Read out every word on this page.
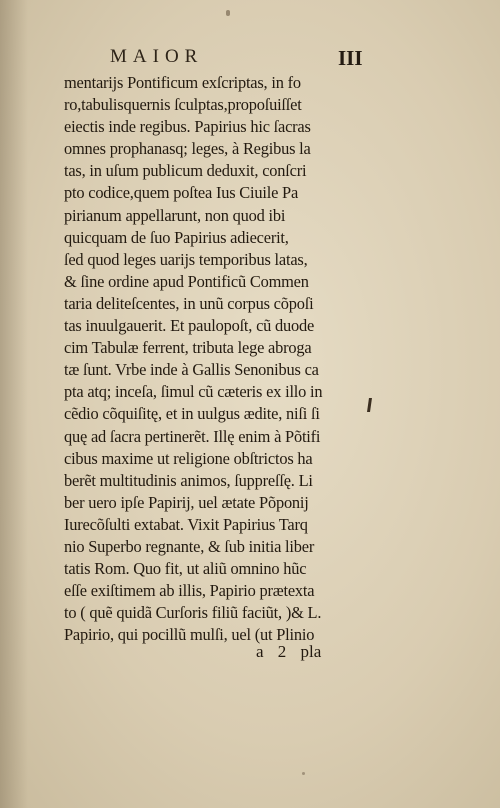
MAIOR	III
mentarijs Pontificum exſcriptas, in fo
ro,tabulisquernis ſculptas,propoſuiſſet
eiectis inde regibus. Papirius hic ſacras
omnes prophanasq; leges, à Regibus la
tas, in uſum publicum deduxit, conſcri
pto codice,quem poſtea Ius Ciuile Pa
pirianum appellarunt, non quod ibi
quicquam de ſuo Papirius adiecerit,
ſed quod leges uarijs temporibus latas,
& ſine ordine apud Pontificũ Commen
taria deliteſcentes, in unũ corpus cõpoſi
tas inuulgauerit. Et paulopoſt, cũ duode
cim Tabulæ ferrent, tributa lege abroga
tæ ſunt. Vrbe inde à Gallis Senonibus ca
pta atq; inceſa, ſimul cũ cæteris ex illo in
cẽdio cõquiſitę, et in uulgus ædite, niſi ſi
quę ad ſacra pertinerẽt. Illę enim à Põtifi
cibus maxime ut religione obſtrictos ha
berẽt multitudinis animos, ſuppreſſę. Li
ber uero ipſe Papirij, uel ætate Põponij
Iurecõſulti extabat. Vixit Papirius Tarq
nio Superbo regnante, & ſub initia liber
tatis Rom. Quo fit, ut aliũ omnino hũc
eſſe exiſtimem ab illis, Papirio prætexta
to ( quẽ quidã Curſoris filiũ faciũt, )& L.
Papirio, qui pocillũ mulſi, uel (ut Plinio
a 2 pla
